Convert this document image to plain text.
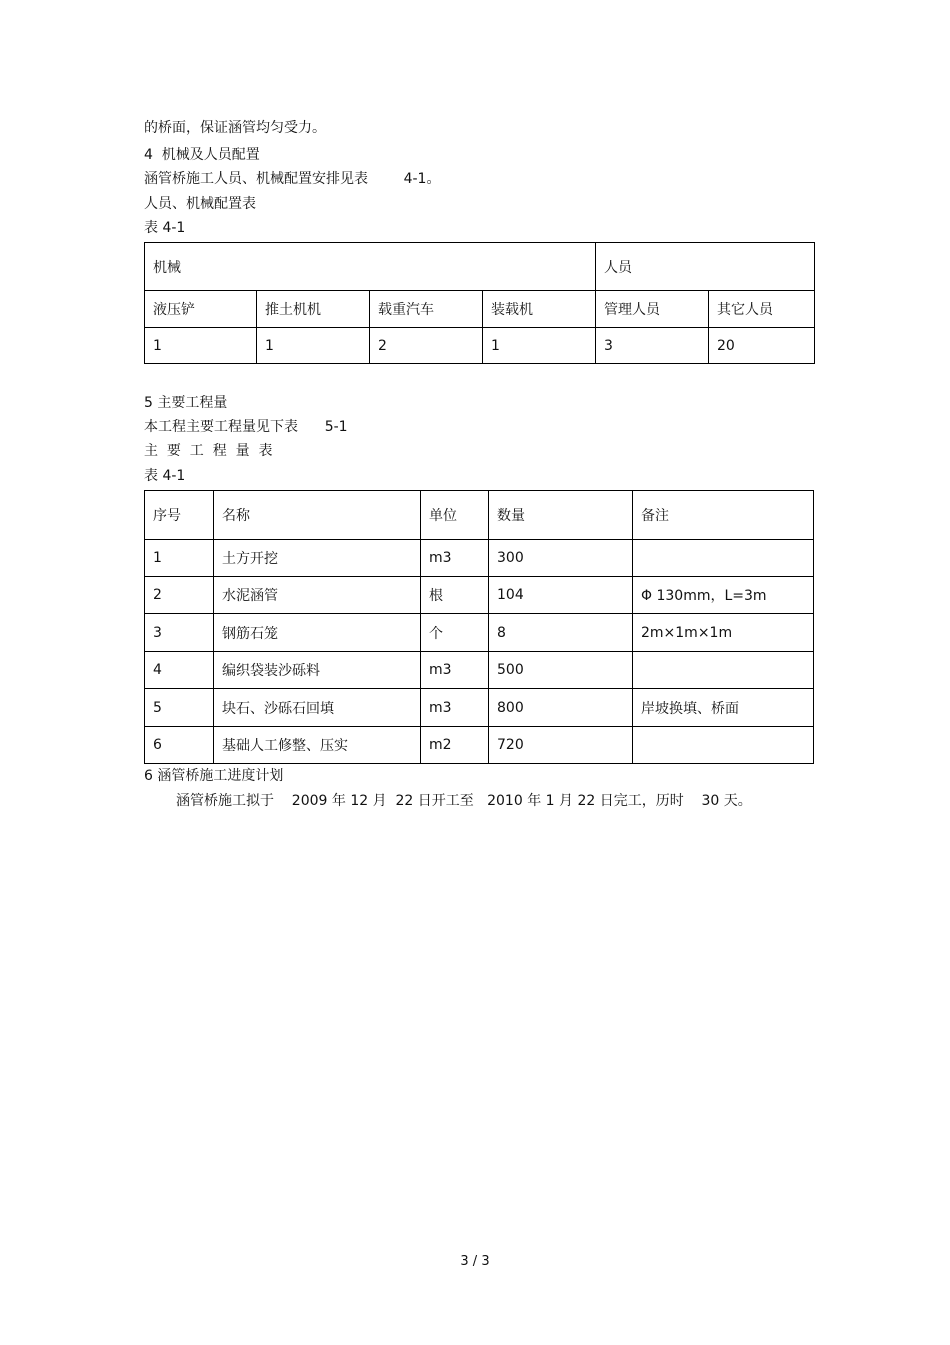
的桥面，保证涵管均匀受力。
4  机械及人员配置
涵管桥施工人员、机械配置安排见表        4-1。
人员、机械配置表
表 4-1
机械				人员	
液压铲	推土机机	载重汽车	装载机	管理人员	其它人员
1	1	2	1	3	20
5 主要工程量
本工程主要工程量见下表      5-1
主  要  工  程  量  表
表 4-1
序号	名称	单位	数量	备注
1	土方开挖	m3	300	
2	水泥涵管	根	104	Φ 130mm，L=3m
3	钢筋石笼	个	8	2m×1m×1m
4	编织袋装沙砾料	m3	500	
5	块石、沙砾石回填	m3	800	岸坡换填、桥面
6	基础人工修整、压实	m2	720	
6 涵管桥施工进度计划
涵管桥施工拟于    2009 年 12 月  22 日开工至   2010 年 1 月 22 日完工，历时    30 天。
3 / 3
